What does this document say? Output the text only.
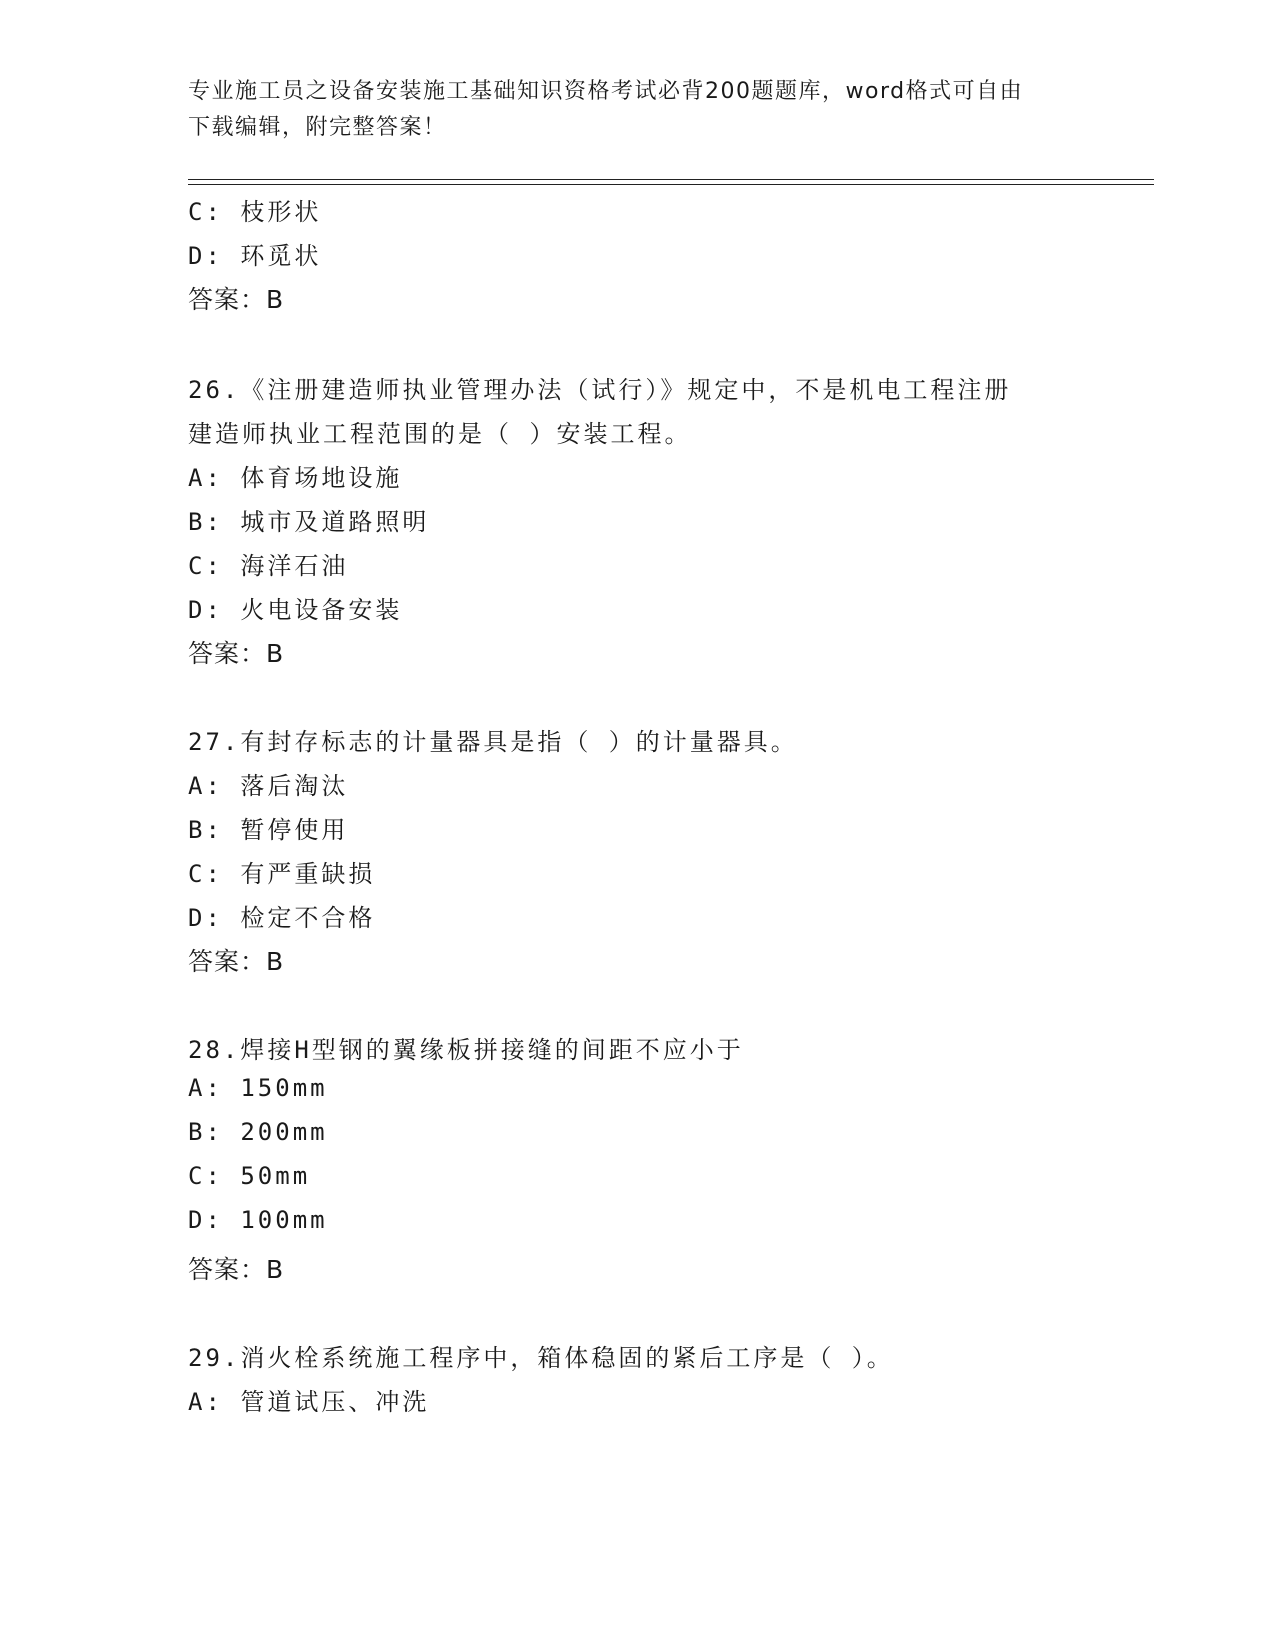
专业施工员之设备安装施工基础知识资格考试必背200题题库，word格式可自由
下载编辑，附完整答案！
C: 枝形状
D: 环觅状
答案：B
26.《注册建造师执业管理办法（试行）》规定中，不是机电工程注册
建造师执业工程范围的是（ ）安装工程。
A: 体育场地设施
B: 城市及道路照明
C: 海洋石油
D: 火电设备安装
答案：B
27.有封存标志的计量器具是指（ ）的计量器具。
A: 落后淘汰
B: 暂停使用
C: 有严重缺损
D: 检定不合格
答案：B
28.焊接H型钢的翼缘板拼接缝的间距不应小于
A: 150mm
B: 200mm
C: 50mm
D: 100mm
答案：B
29.消火栓系统施工程序中，箱体稳固的紧后工序是（ ）。
A: 管道试压、冲洗
